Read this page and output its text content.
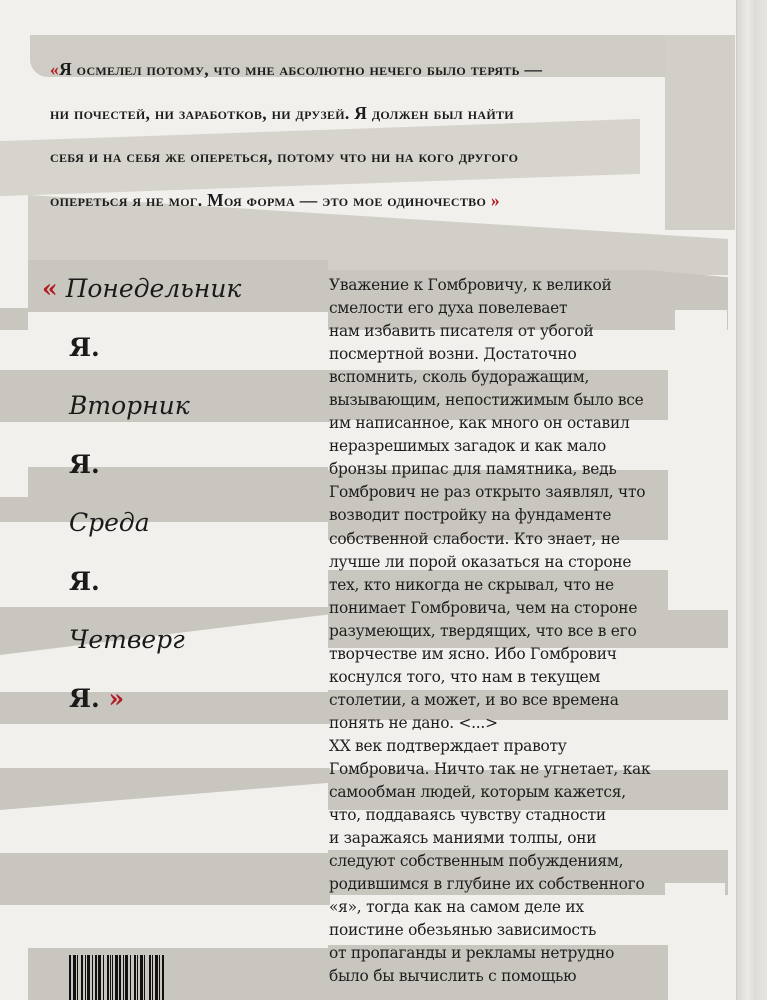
«Я осмелел потому, что мне абсолютно нечего было терять —
ни почестей, ни заработков, ни друзей. Я должен был найти
себя и на себя же опереться, потому что ни на кого другого
опереться я не мог. Моя форма — это мое одиночество »
« Понедельник
Я.
Вторник
Я.
Среда
Я.
Четверг
Я. »
Уважение к Гомбровичу, к великой
смелости его духа повелевает
нам избавить писателя от убогой
посмертной возни. Достаточно
вспомнить, сколь будоражащим,
вызывающим, непостижимым было все
им написанное, как много он оставил
неразрешимых загадок и как мало
бронзы припас для памятника, ведь
Гомбрович не раз открыто заявлял, что
возводит постройку на фундаменте
собственной слабости. Кто знает, не
лучше ли порой оказаться на стороне
тех, кто никогда не скрывал, что не
понимает Гомбровича, чем на стороне
разумеющих, твердящих, что все в его
творчестве им ясно. Ибо Гомбрович
коснулся того, что нам в текущем
столетии, а может, и во все времена
понять не дано. <...>
XX век подтверждает правоту
Гомбровича. Ничто так не угнетает, как
самообман людей, которым кажется,
что, поддаваясь чувству стадности
и заражаясь маниями толпы, они
следуют собственным побуждениям,
родившимся в глубине их собственного
«я», тогда как на самом деле их
поистине обезьянью зависимость
от пропаганды и рекламы нетрудно
было бы вычислить с помощью
